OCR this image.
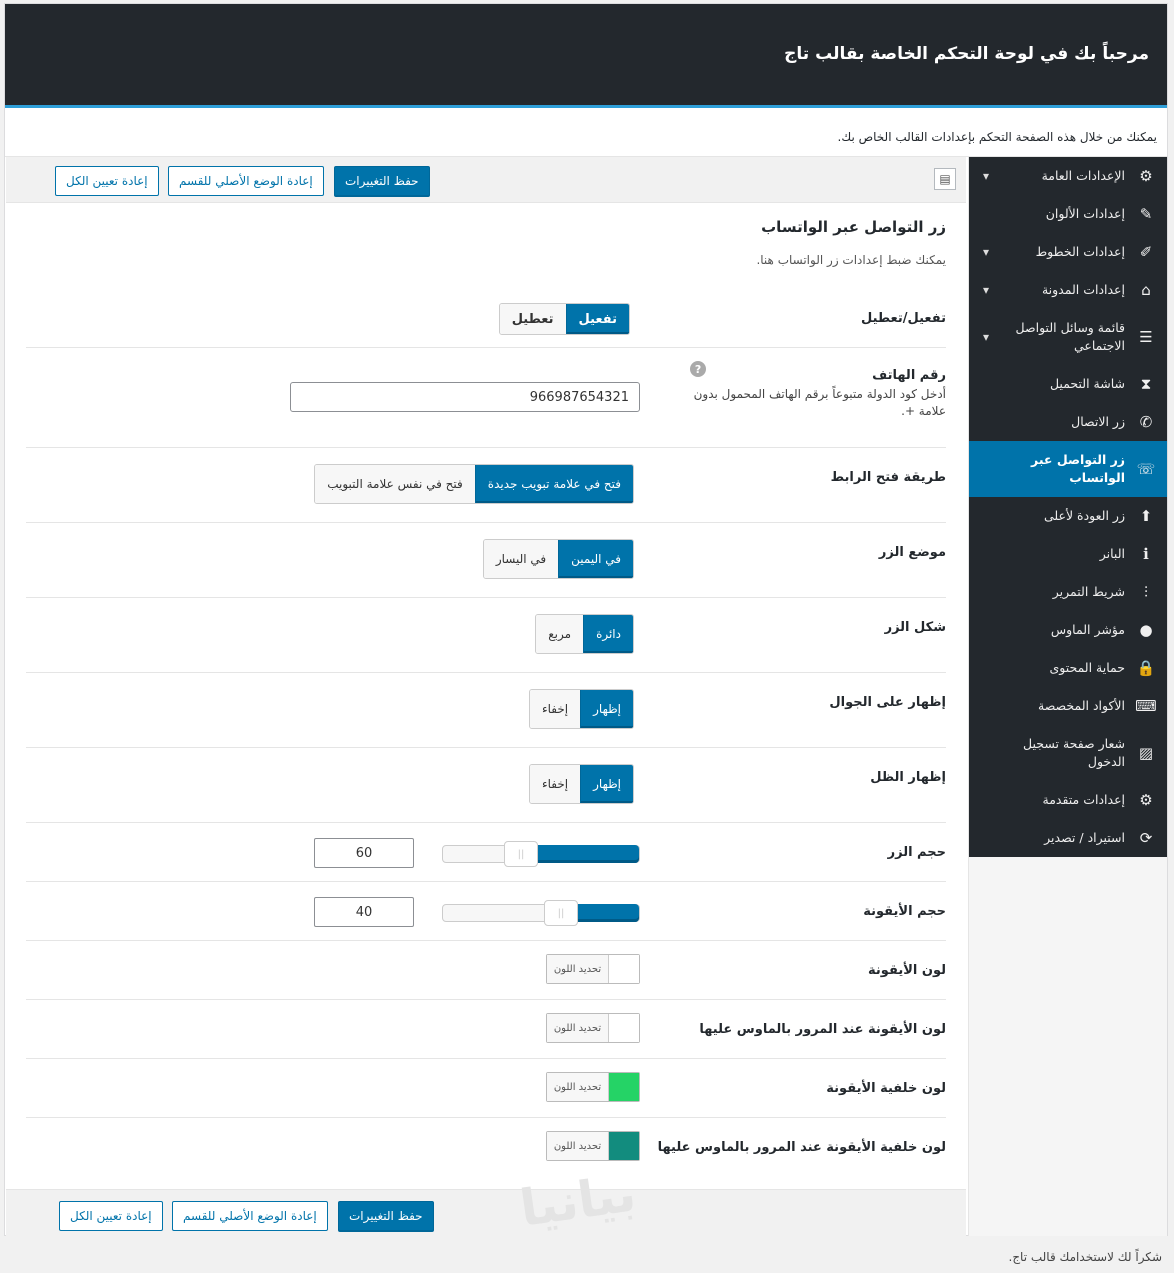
مرحباً بك في لوحة التحكم الخاصة بقالب تاج

يمكنك من خلال هذه الصفحة التحكم بإعدادات القالب الخاص بك.

▤
حفظ التغييرات
إعادة الوضع الأصلي للقسم
إعادة تعيين الكل	⚙
الإعدادات العامة
▾
✎
إعدادات الألوان
✐
إعدادات الخطوط
▾
⌂
إعدادات المدونة
▾
☰
قائمة وسائل التواصل الاجتماعي
▾
⧗
شاشة التحميل
✆
زر الاتصال
☏
زر التواصل عبر الواتساب
⬆
زر العودة لأعلى
ℹ
البانر
⫶
شريط التمرير
●
مؤشر الماوس
🔒
حماية المحتوى
⌨
الأكواد المخصصة
▨
شعار صفحة تسجيل الدخول
⚙
إعدادات متقدمة
⟳
استيراد / تصدير
زر التواصل عبر الواتساب
يمكنك ضبط إعدادات زر الواتساب هنا.
تفعيل/تعطيل
تفعيل
تعطيل
رقم الهاتف
?
أدخل كود الدولة متبوعاً برقم الهاتف المحمول بدون علامة +.
966987654321
طريقة فتح الرابط
فتح في علامة تبويب جديدة
فتح في نفس علامة التبويب
موضع الزر
في اليمين
في اليسار
شكل الزر
دائرة
مربع
إظهار على الجوال
إظهار
إخفاء
إظهار الظل
إظهار
إخفاء
حجم الزر
||
60
حجم الأيقونة
||
40
لون الأيقونة
تحديد اللون
لون الأيقونة عند المرور بالماوس عليها
تحديد اللون
لون خلفية الأيقونة
تحديد اللون
لون خلفية الأيقونة عند المرور بالماوس عليها
تحديد اللون
حفظ التغييرات
إعادة الوضع الأصلي للقسم
إعادة تعيين الكل	بيانيا
شكراً لك لاستخدامك قالب تاج.
